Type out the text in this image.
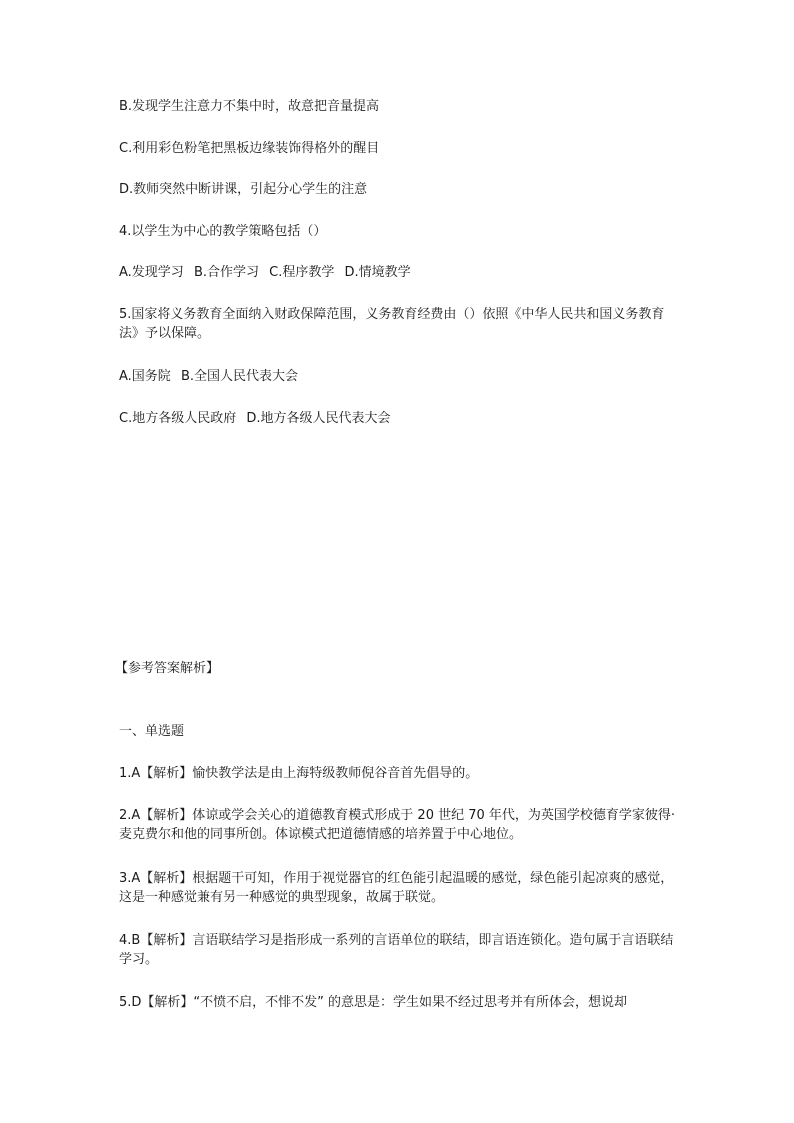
B.发现学生注意力不集中时，故意把音量提高
C.利用彩色粉笔把黑板边缘装饰得格外的醒目
D.教师突然中断讲课，引起分心学生的注意
4.以学生为中心的教学策略包括（）
A.发现学习 B.合作学习 C.程序教学 D.情境教学
5.国家将义务教育全面纳入财政保障范围，义务教育经费由（）依照《中华人民共和国义务教育法》予以保障。
A.国务院 B.全国人民代表大会
C.地方各级人民政府 D.地方各级人民代表大会
【参考答案解析】
一、单选题
1.A【解析】愉快教学法是由上海特级教师倪谷音首先倡导的。
2.A【解析】体谅或学会关心的道德教育模式形成于 20 世纪 70 年代，为英国学校德育学家彼得·麦克费尔和他的同事所创。体谅模式把道德情感的培养置于中心地位。
3.A【解析】根据题干可知，作用于视觉器官的红色能引起温暖的感觉，绿色能引起凉爽的感觉，这是一种感觉兼有另一种感觉的典型现象，故属于联觉。
4.B【解析】言语联结学习是指形成一系列的言语单位的联结，即言语连锁化。造句属于言语联结学习。
5.D【解析】“不愤不启，不悱不发” 的意思是：学生如果不经过思考并有所体会，想说却
